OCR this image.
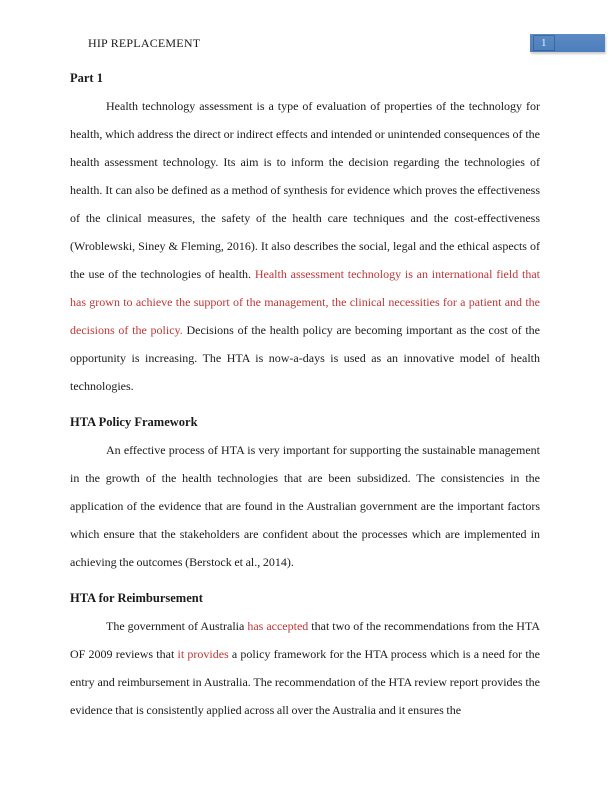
HIP REPLACEMENT	1
Part 1

Health technology assessment is a type of evaluation of properties of the technology for health, which address the direct or indirect effects and intended or unintended consequences of the health assessment technology. Its aim is to inform the decision regarding the technologies of health. It can also be defined as a method of synthesis for evidence which proves the effectiveness of the clinical measures, the safety of the health care techniques and the cost-effectiveness (Wroblewski, Siney & Fleming, 2016). It also describes the social, legal and the ethical aspects of the use of the technologies of health. Health assessment technology is an international field that has grown to achieve the support of the management, the clinical necessities for a patient and the decisions of the policy. Decisions of the health policy are becoming important as the cost of the opportunity is increasing. The HTA is now-a-days is used as an innovative model of health technologies.

HTA Policy Framework

An effective process of HTA is very important for supporting the sustainable management in the growth of the health technologies that are been subsidized. The consistencies in the application of the evidence that are found in the Australian government are the important factors which ensure that the stakeholders are confident about the processes which are implemented in achieving the outcomes (Berstock et al., 2014).

HTA for Reimbursement

The government of Australia has accepted that two of the recommendations from the HTA OF 2009 reviews that it provides a policy framework for the HTA process which is a need for the entry and reimbursement in Australia. The recommendation of the HTA review report provides the evidence that is consistently applied across all over the Australia and it ensures the
